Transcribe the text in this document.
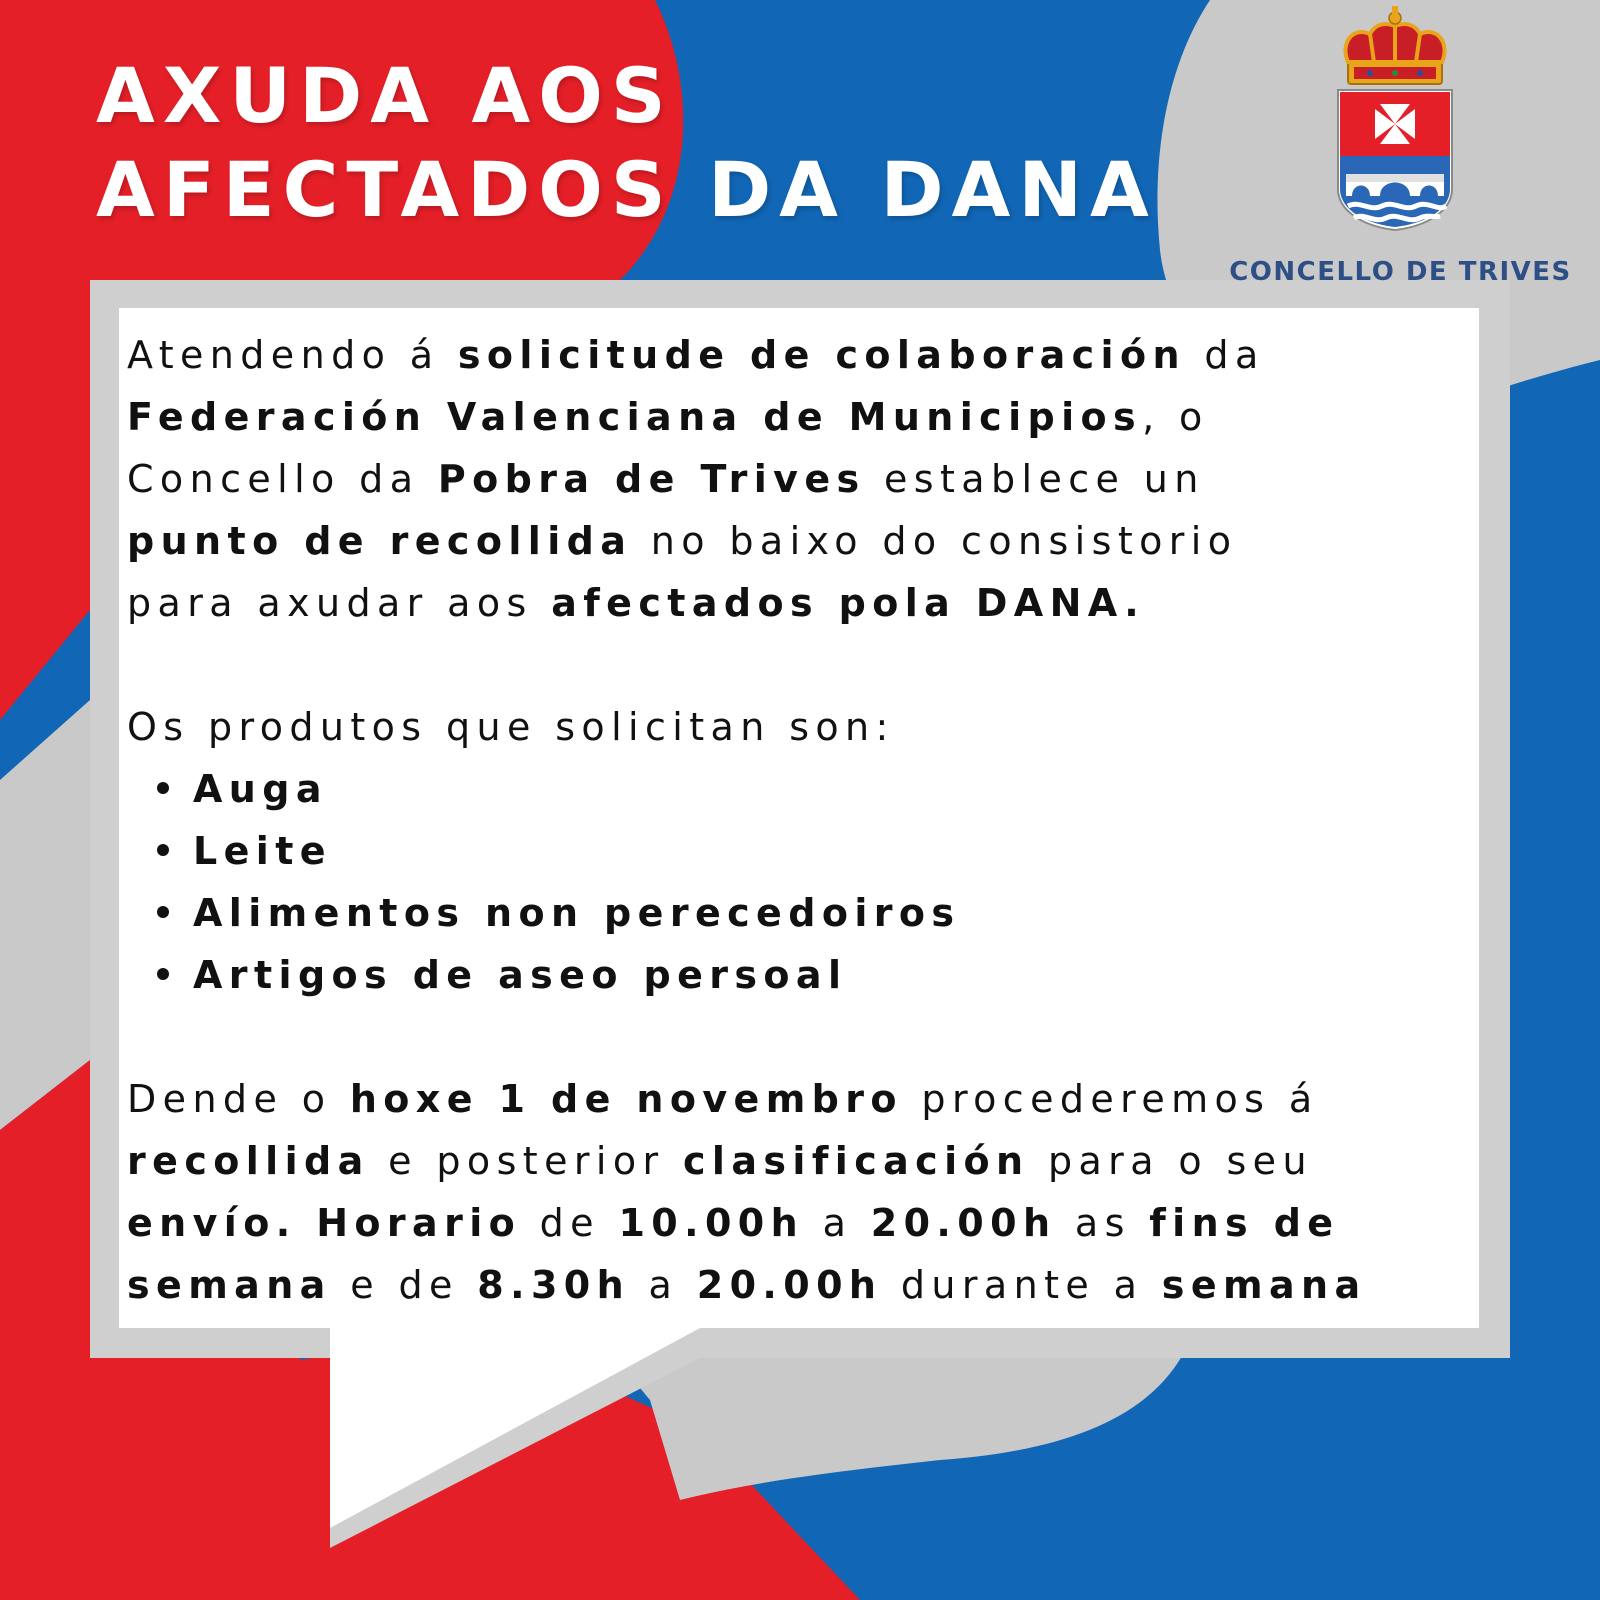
AXUDA AOS
AFECTADOS DA DANA
CONCELLO DE TRIVES

Atendendo á solicitude de colaboración da

Federación Valenciana de Municipios, o

Concello da Pobra de Trives establece un

punto de recollida no baixo do consistorio

para axudar aos afectados pola DANA.

Os produtos que solicitan son:

Auga
Leite
Alimentos non perecedoiros
Artigos de aseo persoal

Dende o hoxe 1 de novembro procederemos á

recollida e posterior clasificación para o seu

envío. Horario de 10.00h a 20.00h as fins de

semana e de 8.30h a 20.00h durante a semana
